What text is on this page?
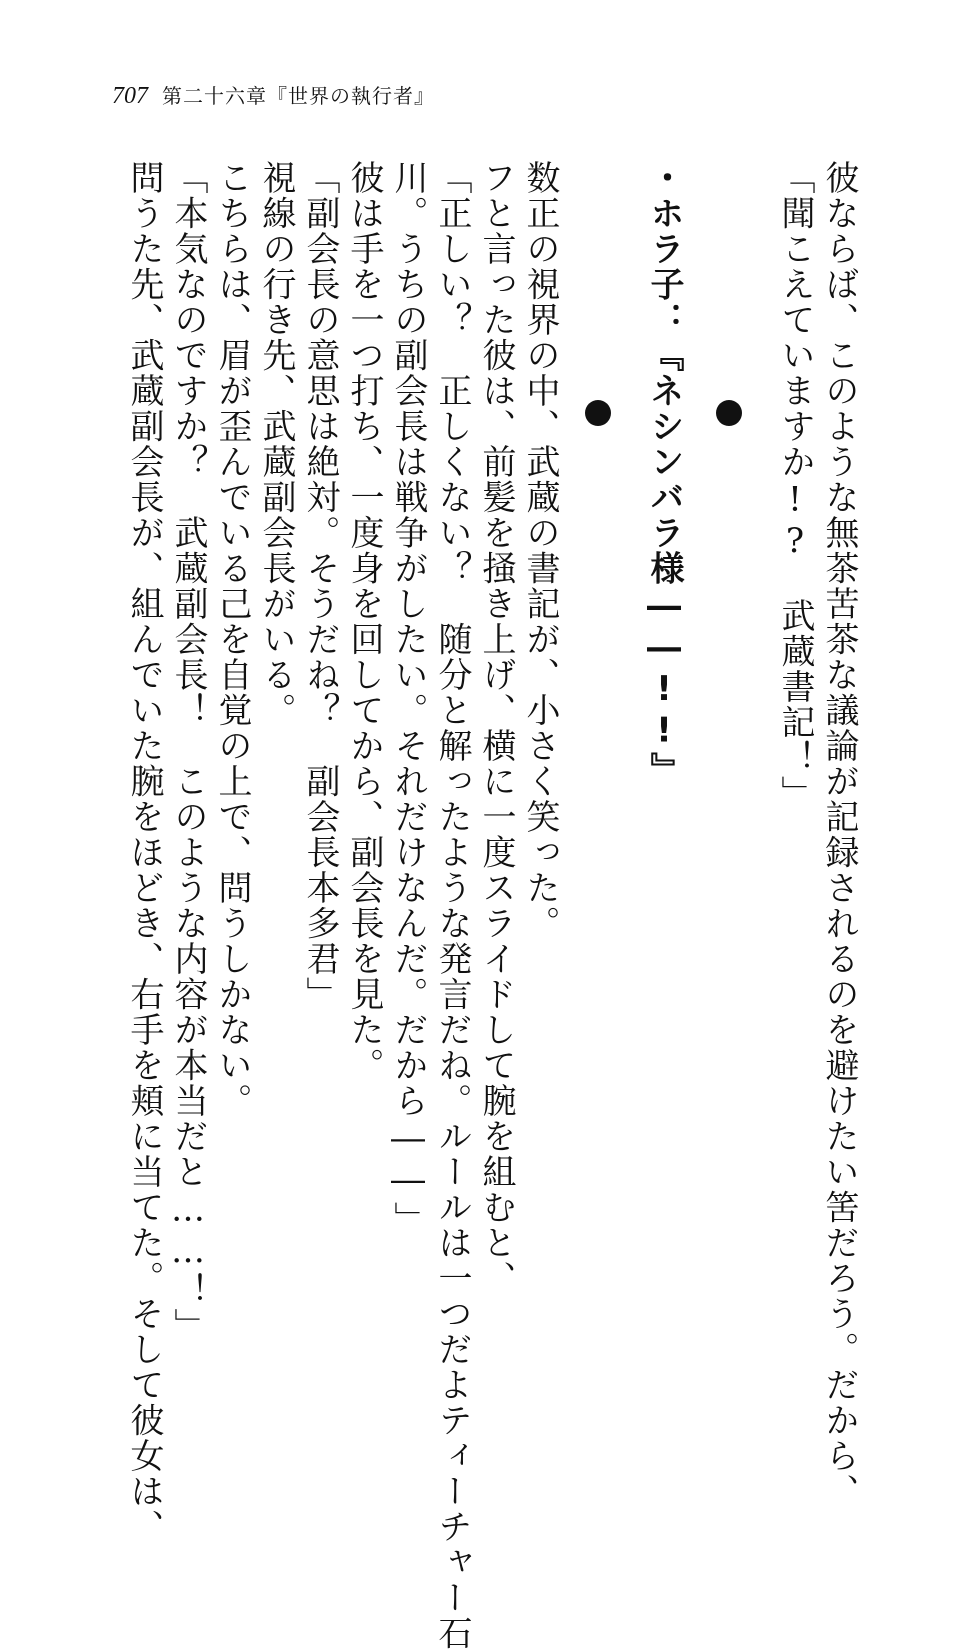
707 第二十六章『世界の執行者』
彼ならば、このような無茶苦茶な議論が記録されるのを避けたい筈だろう。だから、
「聞こえていますか!?　武蔵書記！」
・ホラ子：『ネシンバラ様――!!』
数正の視界の中、武蔵の書記が、小さく笑った。
フと言った彼は、前髪を掻き上げ、横に一度スライドして腕を組むと、
「正しい？　正しくない？　随分と解ったような発言だね。ルールは一つだよティーチャー石
川。うちの副会長は戦争がしたい。それだけなんだ。だから――」
彼は手を一つ打ち、一度身を回してから、副会長を見た。
「副会長の意思は絶対。そうだね？　副会長本多君」
視線の行き先、武蔵副会長がいる。
こちらは、眉が歪んでいる己を自覚の上で、問うしかない。
「本気なのですか？　武蔵副会長！　このような内容が本当だと……！」
問うた先、武蔵副会長が、組んでいた腕をほどき、右手を頬に当てた。そして彼女は、
